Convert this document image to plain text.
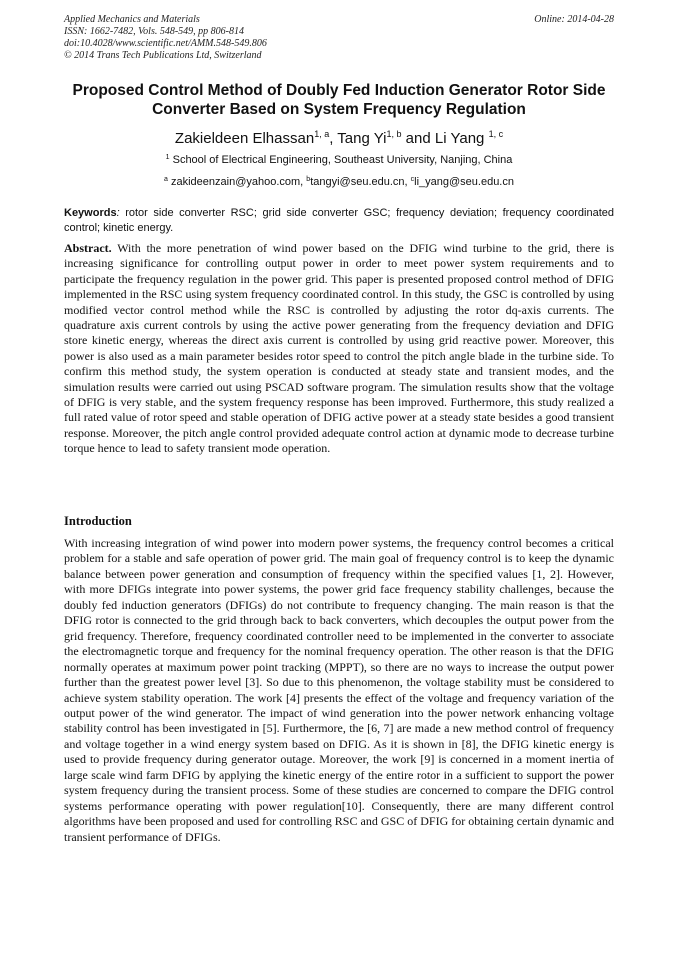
Applied Mechanics and Materials
ISSN: 1662-7482, Vols. 548-549, pp 806-814
doi:10.4028/www.scientific.net/AMM.548-549.806
© 2014 Trans Tech Publications Ltd, Switzerland
Online: 2014-04-28
Proposed Control Method of Doubly Fed Induction Generator Rotor Side Converter Based on System Frequency Regulation
Zakieldeen Elhassan$^{1, a}$, Tang Yi$^{1, b}$ and Li Yang $^{1, c}$
$^1$ School of Electrical Engineering, Southeast University, Nanjing, China
$^a$ zakideenzain@yahoo.com, $^b$tangyi@seu.edu.cn, $^c$li_yang@seu.edu.cn
Keywords: rotor side converter RSC; grid side converter GSC; frequency deviation; frequency coordinated control; kinetic energy.
Abstract. With the more penetration of wind power based on the DFIG wind turbine to the grid, there is increasing significance for controlling output power in order to meet power system requirements and to participate the frequency regulation in the power grid. This paper is presented proposed control method of DFIG implemented in the RSC using system frequency coordinated control. In this study, the GSC is controlled by using modified vector control method while the RSC is controlled by adjusting the rotor dq-axis currents. The quadrature axis current controls by using the active power generating from the frequency deviation and DFIG store kinetic energy, whereas the direct axis current is controlled by using grid reactive power. Moreover, this power is also used as a main parameter besides rotor speed to control the pitch angle blade in the turbine side. To confirm this method study, the system operation is conducted at steady state and transient modes, and the simulation results were carried out using PSCAD software program. The simulation results show that the voltage of DFIG is very stable, and the system frequency response has been improved. Furthermore, this study realized a full rated value of rotor speed and stable operation of DFIG active power at a steady state besides a good transient response. Moreover, the pitch angle control provided adequate control action at dynamic mode to decrease turbine torque hence to lead to safety transient mode operation.
Introduction

With increasing integration of wind power into modern power systems, the frequency control becomes a critical problem for a stable and safe operation of power grid. The main goal of frequency control is to keep the dynamic balance between power generation and consumption of frequency within the specified values [1, 2]. However, with more DFIGs integrate into power systems, the power grid face frequency stability challenges, because the doubly fed induction generators (DFIGs) do not contribute to frequency changing. The main reason is that the DFIG rotor is connected to the grid through back to back converters, which decouples the output power from the grid frequency. Therefore, frequency coordinated controller need to be implemented in the converter to associate the electromagnetic torque and frequency for the nominal frequency operation. The other reason is that the DFIG normally operates at maximum power point tracking (MPPT), so there are no ways to increase the output power further than the greatest power level [3]. So due to this phenomenon, the voltage stability must be considered to achieve system stability operation. The work [4] presents the effect of the voltage and frequency variation of the output power of the wind generator. The impact of wind generation into the power network enhancing voltage stability control has been investigated in [5]. Furthermore, the [6, 7] are made a new method control of frequency and voltage together in a wind energy system based on DFIG. As it is shown in [8], the DFIG kinetic energy is used to provide frequency during generator outage. Moreover, the work [9] is concerned in a moment inertia of large scale wind farm DFIG by applying the kinetic energy of the entire rotor in a sufficient to support the power system frequency during the transient process. Some of these studies are concerned to compare the DFIG control systems performance operating with power regulation[10]. Consequently, there are many different control algorithms have been proposed and used for controlling RSC and GSC of DFIG for obtaining certain dynamic and transient performance of DFIGs.
